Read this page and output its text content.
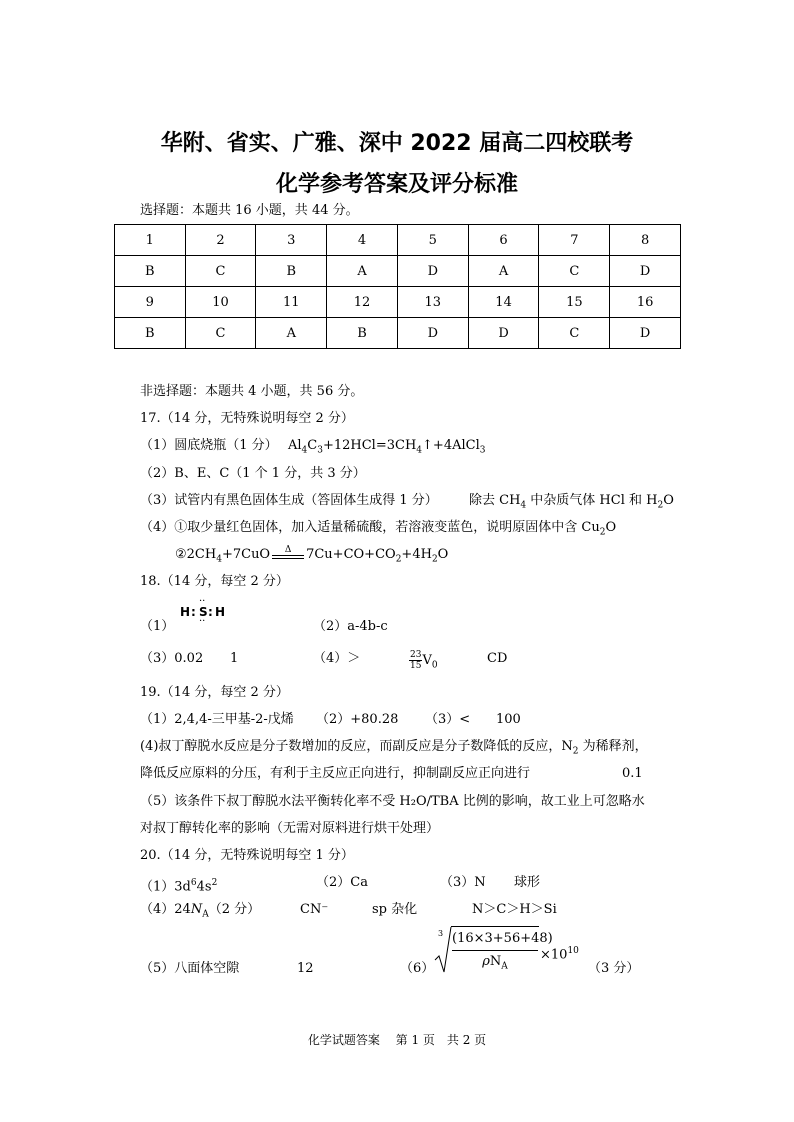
华附、省实、广雅、深中 2022 届高二四校联考
化学参考答案及评分标准
选择题：本题共 16 小题，共 44 分。
1	2	3	4	5	6	7	8
B	C	B	A	D	A	C	D
9	10	11	12	13	14	15	16
B	C	A	B	D	D	C	D
非选择题：本题共 4 小题，共 56 分。
17.（14 分，无特殊说明每空 2 分）
（1）圆底烧瓶（1 分） $Al_4C_3+12HCl=3CH_4↑+4AlCl_3$
（2）B、E、C（1 个 1 分，共 3 分）
（3）试管内有黑色固体生成（答固体生成得 1 分） 除去 $CH_4$ 中杂质气体 HCl 和 $H_2O$
（4）①取少量红色固体，加入适量稀硫酸，若溶液变蓝色，说明原固体中含 $Cu_2O$
$②2CH_4+7CuO$	Δ	$7Cu+CO+CO_2+4H_2O$
18.（14 分，每空 2 分）
（1）
H : S : H
··
··	（2）a-4b-c
（3）0.02 1	（4）＞	$\frac{23}{15} V_0$	CD
19.（14 分，每空 2 分）
（1）2,4,4-三甲基-2-戊烯 （2）+80.28 （3）< 100
(4)叔丁醇脱水反应是分子数增加的反应，而副反应是分子数降低的反应，$N_2$ 为稀释剂，
降低反应原料的分压，有利于主反应正向进行，抑制副反应正向进行	0.1
（5）该条件下叔丁醇脱水法平衡转化率不受 H₂O/TBA 比例的影响，故工业上可忽略水
对叔丁醇转化率的影响（无需对原料进行烘干处理）
20.（14 分，无特殊说明每空 1 分）
$(1)3d^64s^2$	（2）Ca	（3）N 球形
$(4)24N_A(2$ 分）	CN⁻	sp 杂化	N＞C＞H＞Si
（5）八面体空隙	12	（6）
3 (16×3+56+48)
$\rho N_A$
$\times 10^{10}$
（3 分）
化学试题答案　 第 1 页　共 2 页
